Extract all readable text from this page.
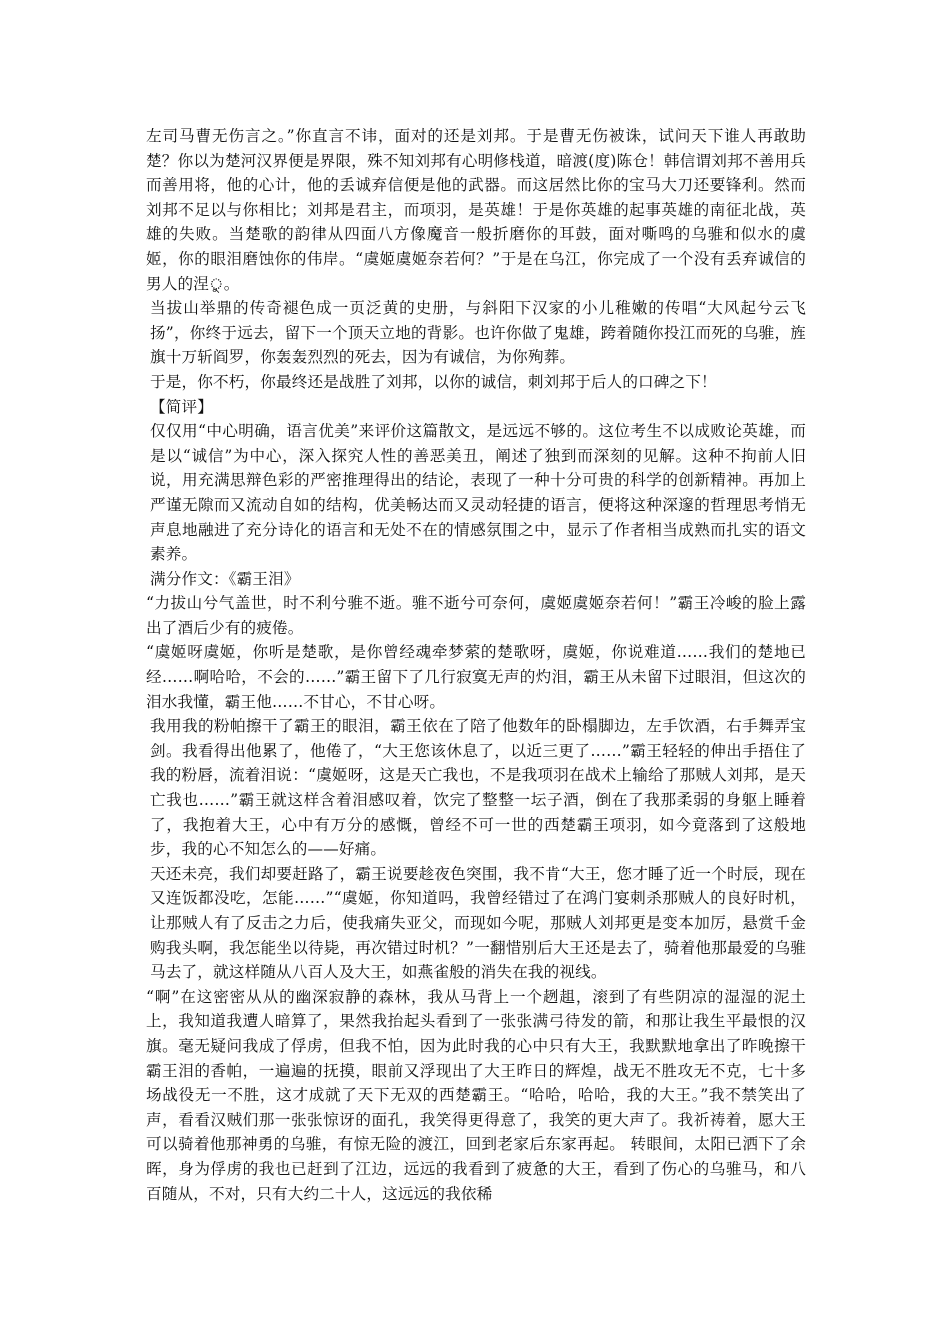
左司马曹无伤言之。”你直言不讳，面对的还是刘邦。于是曹无伤被诛，试问天下谁人再敢助楚？你以为楚河汉界便是界限，殊不知刘邦有心明修栈道，暗渡(度)陈仓！韩信谓刘邦不善用兵而善用将，他的心计，他的丢诚弃信便是他的武器。而这居然比你的宝马大刀还要锋利。然而刘邦不足以与你相比；刘邦是君主，而项羽，是英雄！于是你英雄的起事英雄的南征北战，英雄的失败。当楚歌的韵律从四面八方像魔音一般折磨你的耳鼓，面对嘶鸣的乌骓和似水的虞姬，你的眼泪磨蚀你的伟岸。“虞姬虞姬奈若何？”于是在乌江，你完成了一个没有丢弃诚信的男人的涅ু。

当拔山举鼎的传奇褪色成一页泛黄的史册，与斜阳下汉家的小儿稚嫩的传唱“大风起兮云飞扬”，你终于远去，留下一个顶天立地的背影。也许你做了鬼雄，跨着随你投江而死的乌骓，旌旗十万斩阎罗，你轰轰烈烈的死去，因为有诚信，为你殉葬。

于是，你不朽，你最终还是战胜了刘邦，以你的诚信，刺刘邦于后人的口碑之下！

【简评】

仅仅用“中心明确，语言优美”来评价这篇散文，是远远不够的。这位考生不以成败论英雄，而是以“诚信”为中心，深入探究人性的善恶美丑，阐述了独到而深刻的见解。这种不拘前人旧说，用充满思辩色彩的严密推理得出的结论，表现了一种十分可贵的科学的创新精神。再加上严谨无隙而又流动自如的结构，优美畅达而又灵动轻捷的语言，便将这种深邃的哲理思考悄无声息地融进了充分诗化的语言和无处不在的情感氛围之中，显示了作者相当成熟而扎实的语文素养。

满分作文：《霸王泪》

“力拔山兮气盖世，时不利兮骓不逝。骓不逝兮可奈何，虞姬虞姬奈若何！”霸王冷峻的脸上露出了酒后少有的疲倦。

“虞姬呀虞姬，你听是楚歌，是你曾经魂牵梦萦的楚歌呀，虞姬，你说难道……我们的楚地已经……啊哈哈，不会的……”霸王留下了几行寂寞无声的灼泪，霸王从未留下过眼泪，但这次的泪水我懂，霸王他……不甘心，不甘心呀。

我用我的粉帕擦干了霸王的眼泪，霸王依在了陪了他数年的卧榻脚边，左手饮酒，右手舞弄宝剑。我看得出他累了，他倦了，“大王您该休息了，以近三更了……”霸王轻轻的伸出手捂住了我的粉唇，流着泪说：“虞姬呀，这是天亡我也，不是我项羽在战术上输给了那贼人刘邦，是天亡我也……”霸王就这样含着泪感叹着，饮完了整整一坛子酒，倒在了我那柔弱的身躯上睡着了，我抱着大王，心中有万分的感慨，曾经不可一世的西楚霸王项羽，如今竟落到了这般地步，我的心不知怎么的——好痛。

天还未亮，我们却要赶路了，霸王说要趁夜色突围，我不肯“大王，您才睡了近一个时辰，现在又连饭都没吃，怎能……”“虞姬，你知道吗，我曾经错过了在鸿门宴刺杀那贼人的良好时机，让那贼人有了反击之力后，使我痛失亚父，而现如今呢，那贼人刘邦更是变本加厉，悬赏千金购我头啊，我怎能坐以待毙，再次错过时机？”一翻惜别后大王还是去了，骑着他那最爱的乌骓马去了，就这样随从八百人及大王，如燕雀般的消失在我的视线。

“啊”在这密密从从的幽深寂静的森林，我从马背上一个趔趄，滚到了有些阴凉的湿湿的泥土上，我知道我遭人暗算了，果然我抬起头看到了一张张满弓待发的箭，和那让我生平最恨的汉旗。毫无疑问我成了俘虏，但我不怕，因为此时我的心中只有大王，我默默地拿出了昨晚擦干霸王泪的香帕，一遍遍的抚摸，眼前又浮现出了大王昨日的辉煌，战无不胜攻无不克，七十多场战役无一不胜，这才成就了天下无双的西楚霸王。“哈哈，哈哈，我的大王。”我不禁笑出了声，看看汉贼们那一张张惊讶的面孔，我笑得更得意了，我笑的更大声了。我祈祷着，愿大王可以骑着他那神勇的乌骓，有惊无险的渡江，回到老家后东家再起。 转眼间，太阳已洒下了余晖，身为俘虏的我也已赶到了江边，远远的我看到了疲惫的大王，看到了伤心的乌骓马，和八百随从，不对，只有大约二十人，这远远的我依稀
